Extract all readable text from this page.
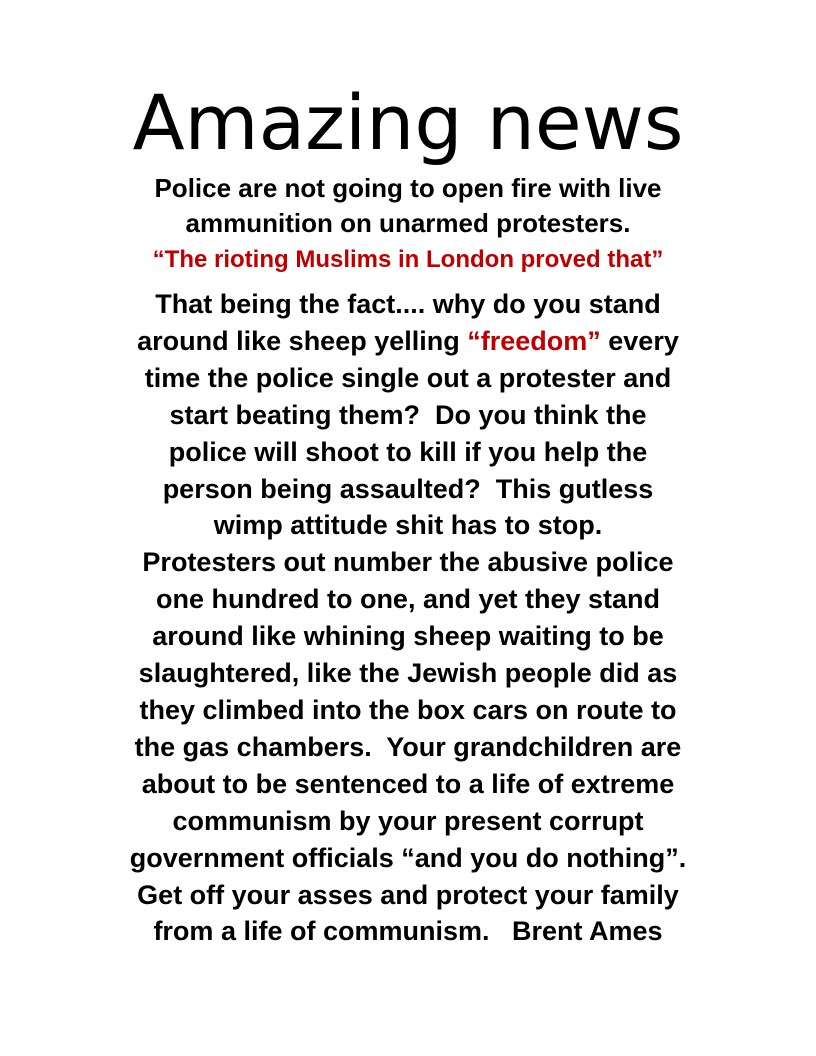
Amazing news

Police are not going to open fire with live
ammunition on unarmed protesters.

“The rioting Muslims in London proved that”

That being the fact.... why do you stand
around like sheep yelling “freedom” every
time the police single out a protester and
start beating them?  Do you think the
police will shoot to kill if you help the
person being assaulted?  This gutless
wimp attitude shit has to stop.
Protesters out number the abusive police
one hundred to one, and yet they stand
around like whining sheep waiting to be
slaughtered, like the Jewish people did as
they climbed into the box cars on route to
the gas chambers.  Your grandchildren are
about to be sentenced to a life of extreme
communism by your present corrupt
government officials “and you do nothing”.
Get off your asses and protect your family
from a life of communism.   Brent Ames
